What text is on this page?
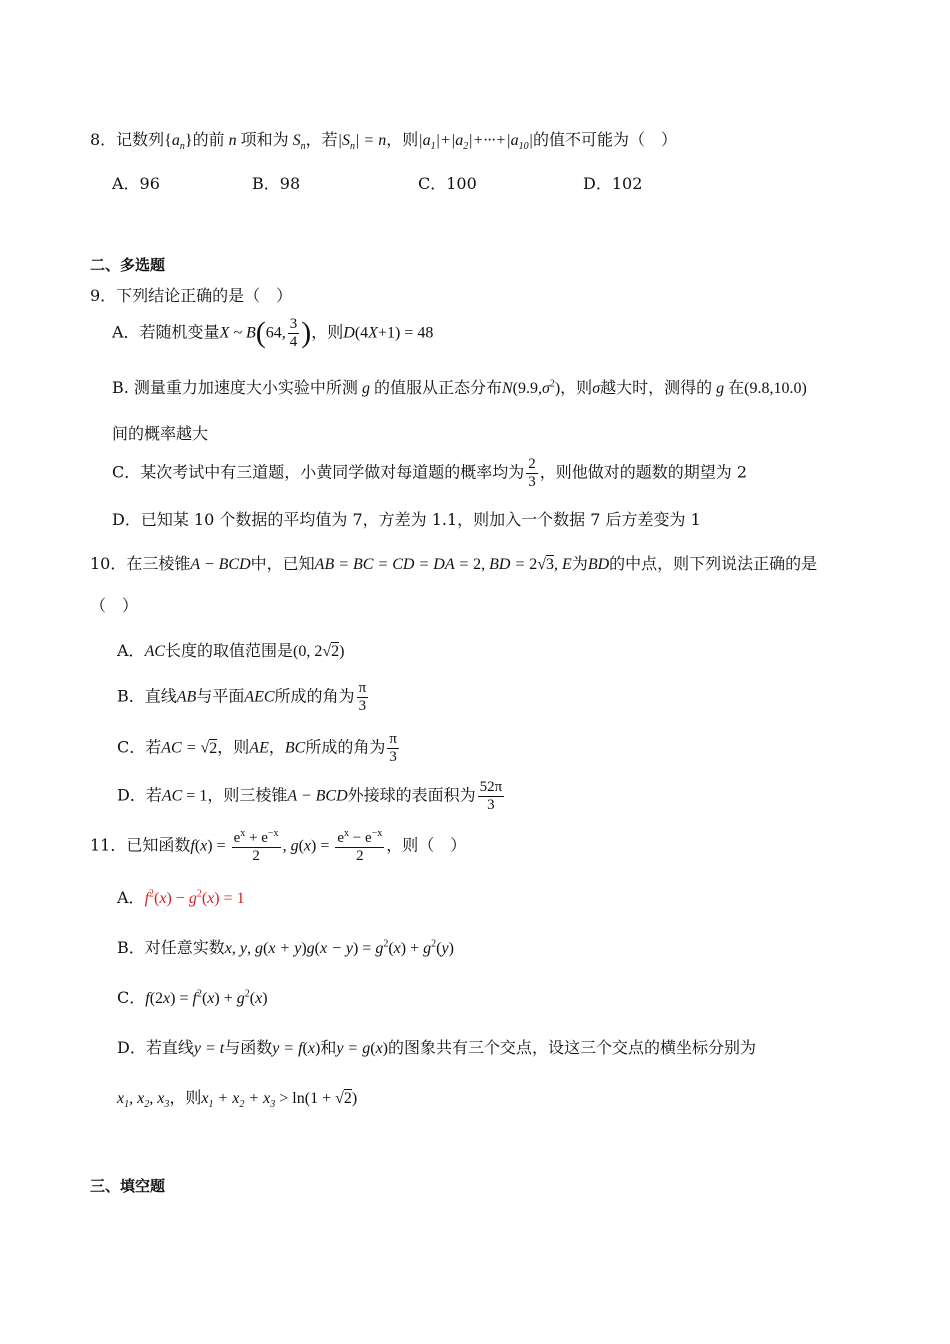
8．记数列$\{a_n\}$的前 n 项和为 $S_n$，若$|S_n| = n$，则$|a_1|+|a_2|+\cdot\cdot\cdot+|a_{10}|$的值不可能为（　）
A．96	B．98	C．100	D．102
二、多选题
9．下列结论正确的是（　）
A．若随机变量X ~ B(64, $\frac{3}{4}$ )，则D(4X+1) = 48
B. 测量重力加速度大小实验中所测 g 的值服从正态分布$N(9.9,\sigma^2)$，则σ越大时，测得的 g 在(9.8,10.0)
间的概率越大
C．某次考试中有三道题，小黄同学做对每道题的概率均为 $\frac{2}{3}$ ，则他做对的题数的期望为 2
D．已知某 10 个数据的平均值为 7，方差为 1.1，则加入一个数据 7 后方差变为 1
10．在三棱锥A − BCD中，已知AB = BC = CD = DA = 2, BD = 2√3, E为BD的中点，则下列说法正确的是
（　）
A．AC长度的取值范围是(0, 2√2)
B．直线AB与平面AEC所成的角为 $\frac{\pi}{3}$
C．若AC = √2，则AE，BC所成的角为 $\frac{\pi}{3}$
D．若AC = 1，则三棱锥A − BCD外接球的表面积为 $\frac{52\pi}{3}$
11．已知函数$f(x) = \frac{e^x + e^{-x}}{2}$ , $g(x) = \frac{e^x - e^{-x}}{2}$ ，则（　）
A．$f^2(x) - g^2(x) = 1$
B．对任意实数x, y, $g(x + y)g(x - y) = g^2(x) + g^2(y)$
C．$f(2x) = f^2(x) + g^2(x)$
D．若直线y = t与函数y = f(x)和y = g(x)的图象共有三个交点，设这三个交点的横坐标分别为
$x_1$, $x_2$, $x_3$，则$x_1 + x_2 + x_3 > \ln(1 + √2)$
三、填空题
